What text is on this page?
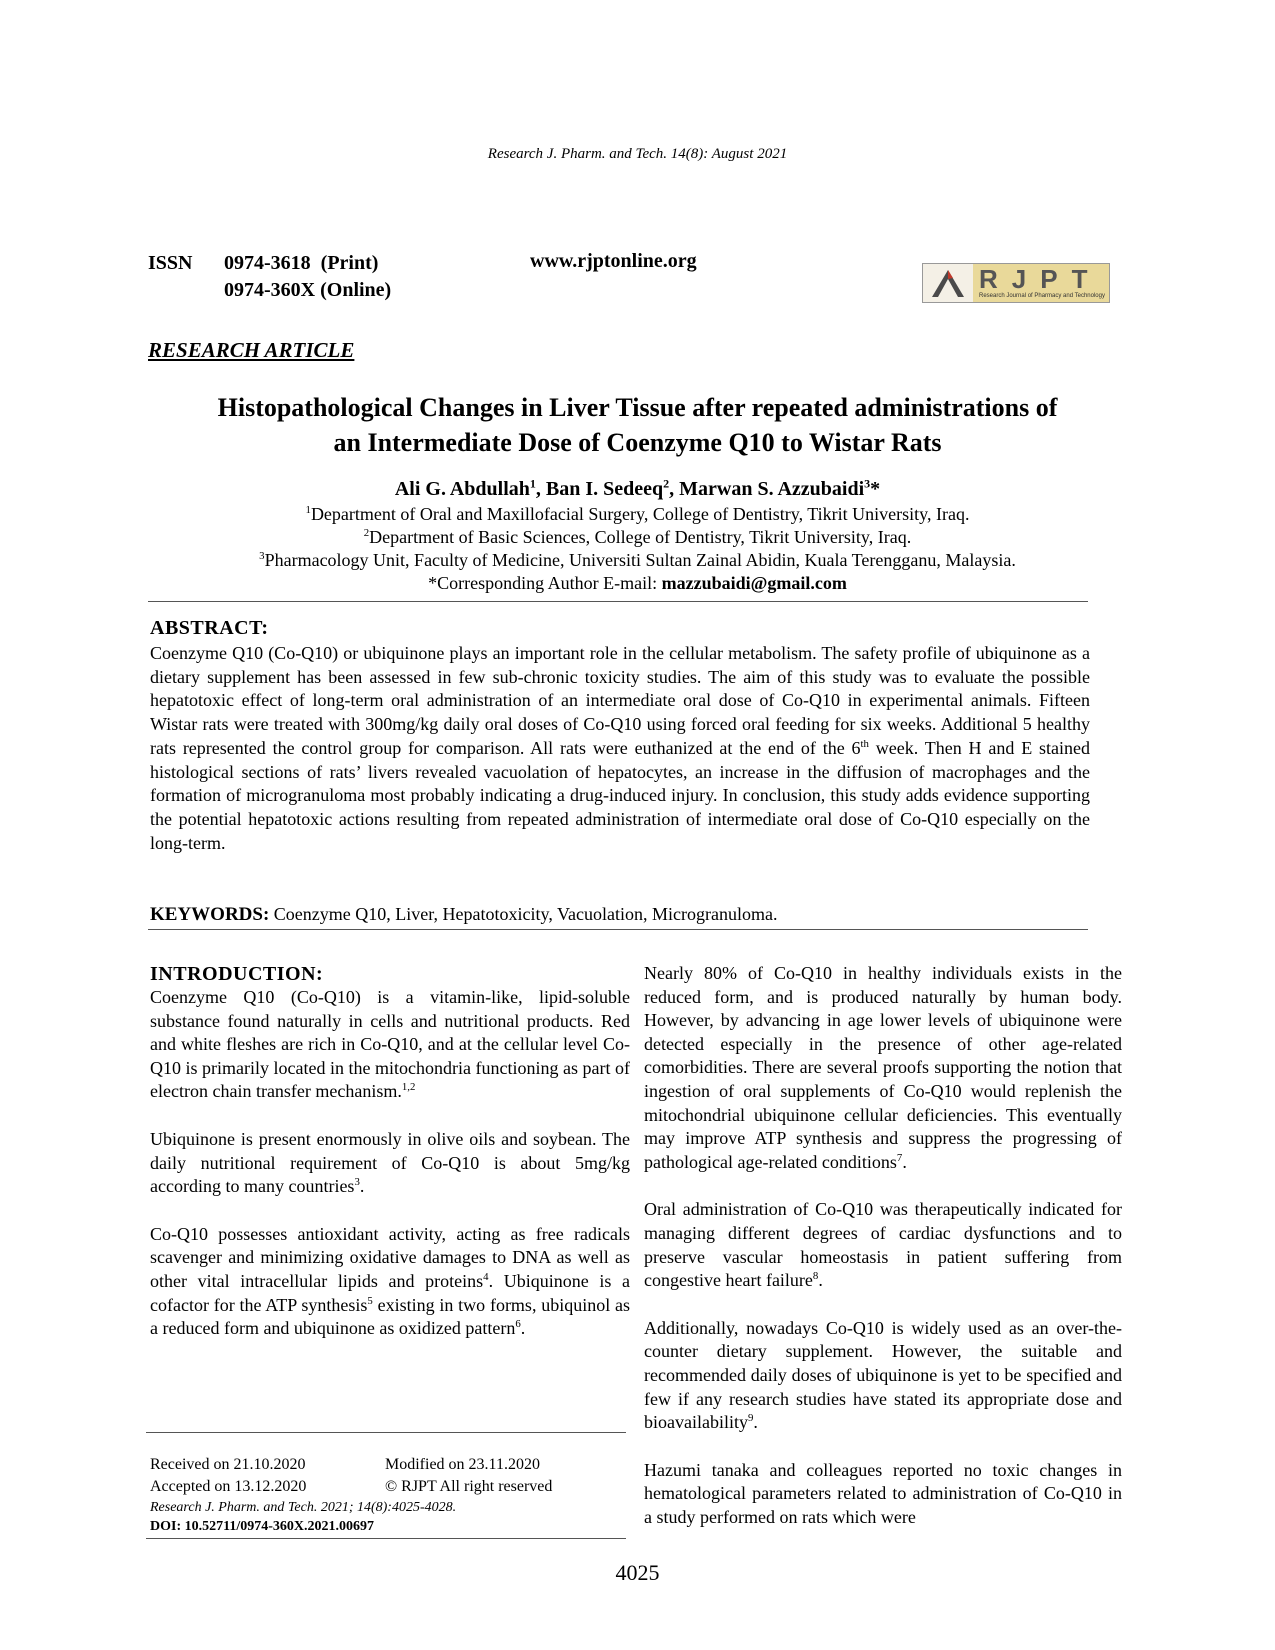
Research J. Pharm. and Tech. 14(8): August 2021
ISSN	0974-3618  (Print)
0974-360X (Online)
www.rjptonline.org
RJPT
Research Journal of Pharmacy and Technology
RESEARCH ARTICLE
Histopathological Changes in Liver Tissue after repeated administrations of
an Intermediate Dose of Coenzyme Q10 to Wistar Rats
Ali G. Abdullah$^1$, Ban I. Sedeeq$^2$, Marwan S. Azzubaidi$^3$*
$^1$Department of Oral and Maxillofacial Surgery, College of Dentistry, Tikrit University, Iraq.
$^2$Department of Basic Sciences, College of Dentistry, Tikrit University, Iraq.
$^3$Pharmacology Unit, Faculty of Medicine, Universiti Sultan Zainal Abidin, Kuala Terengganu, Malaysia.
*Corresponding Author E-mail: mazzubaidi@gmail.com
ABSTRACT:
Coenzyme Q10 (Co-Q10) or ubiquinone plays an important role in the cellular metabolism. The safety profile of ubiquinone as a dietary supplement has been assessed in few sub-chronic toxicity studies. The aim of this study was to evaluate the possible hepatotoxic effect of long-term oral administration of an intermediate oral dose of Co-Q10 in experimental animals. Fifteen Wistar rats were treated with 300mg/kg daily oral doses of Co-Q10 using forced oral feeding for six weeks. Additional 5 healthy rats represented the control group for comparison. All rats were euthanized at the end of the 6th week. Then H and E stained histological sections of rats’ livers revealed vacuolation of hepatocytes, an increase in the diffusion of macrophages and the formation of microgranuloma most probably indicating a drug-induced injury. In conclusion, this study adds evidence supporting the potential hepatotoxic actions resulting from repeated administration of intermediate oral dose of Co-Q10 especially on the long-term.
KEYWORDS: Coenzyme Q10, Liver, Hepatotoxicity, Vacuolation, Microgranuloma.
INTRODUCTION:

Coenzyme Q10 (Co-Q10) is a vitamin-like, lipid-soluble substance found naturally in cells and nutritional products. Red and white fleshes are rich in Co-Q10, and at the cellular level Co-Q10 is primarily located in the mitochondria functioning as part of electron chain transfer mechanism.$^{1,2}$

Ubiquinone is present enormously in olive oils and soybean. The daily nutritional requirement of Co-Q10 is about 5mg/kg according to many countries$^3$.

Co-Q10 possesses antioxidant activity, acting as free radicals scavenger and minimizing oxidative damages to DNA as well as other vital intracellular lipids and proteins$^4$. Ubiquinone is a cofactor for the ATP synthesis$^5$ existing in two forms, ubiquinol as a reduced form and ubiquinone as oxidized pattern$^6$.

Nearly 80% of Co-Q10 in healthy individuals exists in the reduced form, and is produced naturally by human body. However, by advancing in age lower levels of ubiquinone were detected especially in the presence of other age-related comorbidities. There are several proofs supporting the notion that ingestion of oral supplements of Co-Q10 would replenish the mitochondrial ubiquinone cellular deficiencies. This eventually may improve ATP synthesis and suppress the progressing of pathological age-related conditions$^7$.

Oral administration of Co-Q10 was therapeutically indicated for managing different degrees of cardiac dysfunctions and to preserve vascular homeostasis in patient suffering from congestive heart failure$^8$.

Additionally, nowadays Co-Q10 is widely used as an over-the-counter dietary supplement. However, the suitable and recommended daily doses of ubiquinone is yet to be specified and few if any research studies have stated its appropriate dose and bioavailability$^9$.

Hazumi tanaka and colleagues reported no toxic changes in hematological parameters related to administration of Co-Q10 in a study performed on rats which were

Received on 21.10.2020	Modified on 23.11.2020
Accepted on 13.12.2020	© RJPT All right reserved
Research J. Pharm. and Tech. 2021; 14(8):4025-4028.
DOI: 10.52711/0974-360X.2021.00697
4025
